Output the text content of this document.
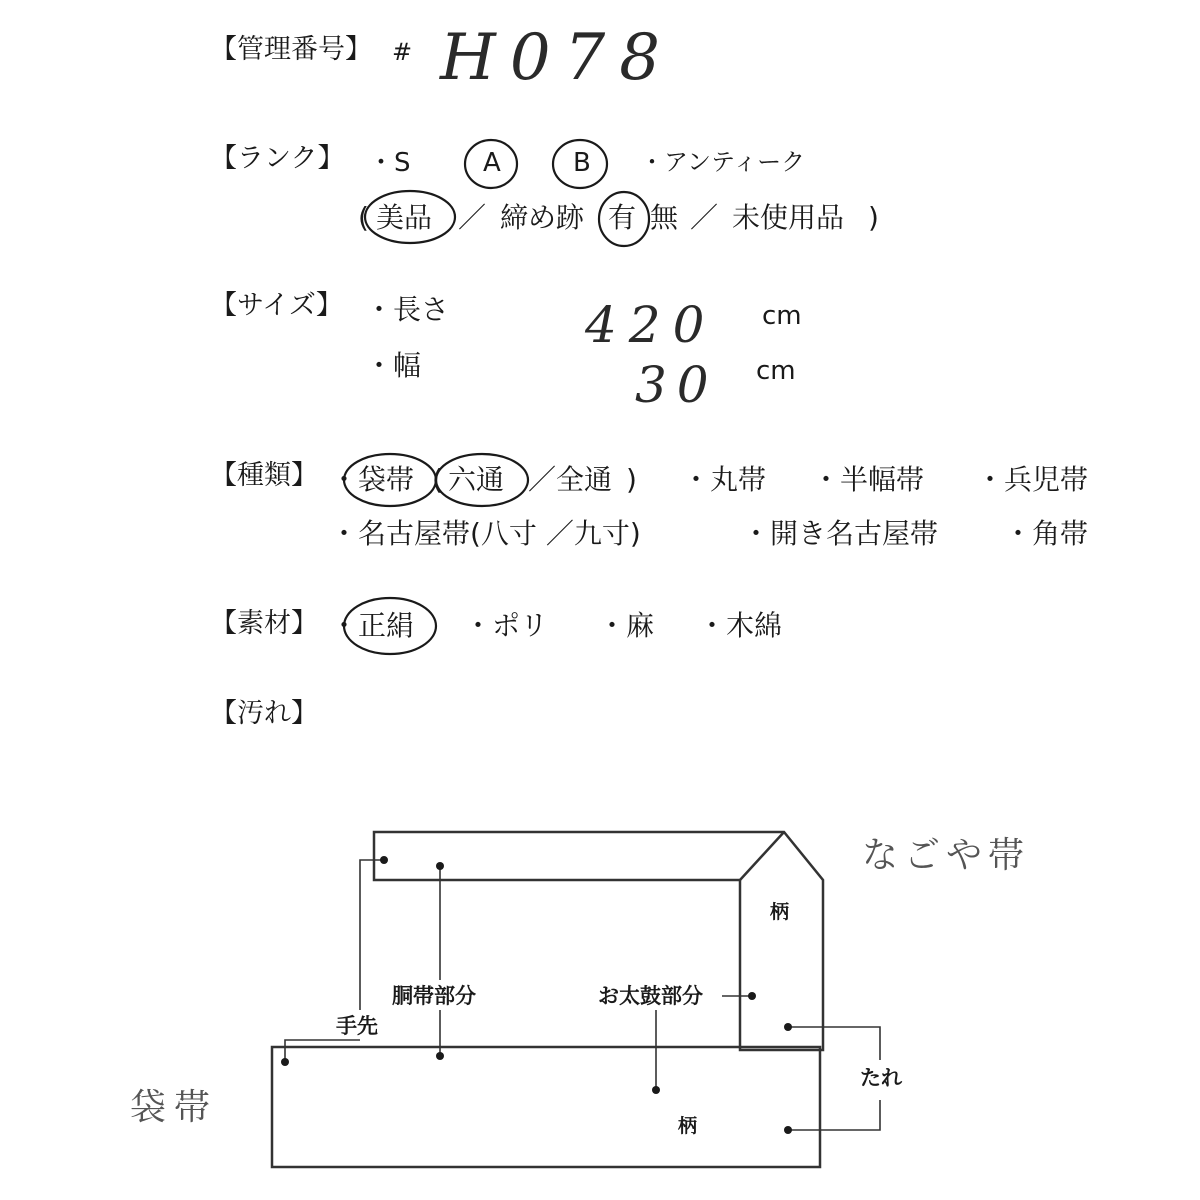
【管理番号】 # H078
【ランク】 ・S	A	B ・アンティーク
( 美品 ／ 締め跡 有 無 ／ 未使用品 )
【サイズ】 ・長さ	420 cm
・幅	30 cm
【種類】 ・ 袋帯 ( 六通 ／ 全通 ) ・丸帯 ・半幅帯 ・兵児帯
・名古屋帯(八寸 ／九寸)	・開き名古屋帯 ・角帯
【素材】 ・ 正絹 ・ポリ ・麻 ・木綿
【汚れ】
なごや帯
袋帯
柄
柄
胴帯部分	お太鼓部分
手先
たれ
